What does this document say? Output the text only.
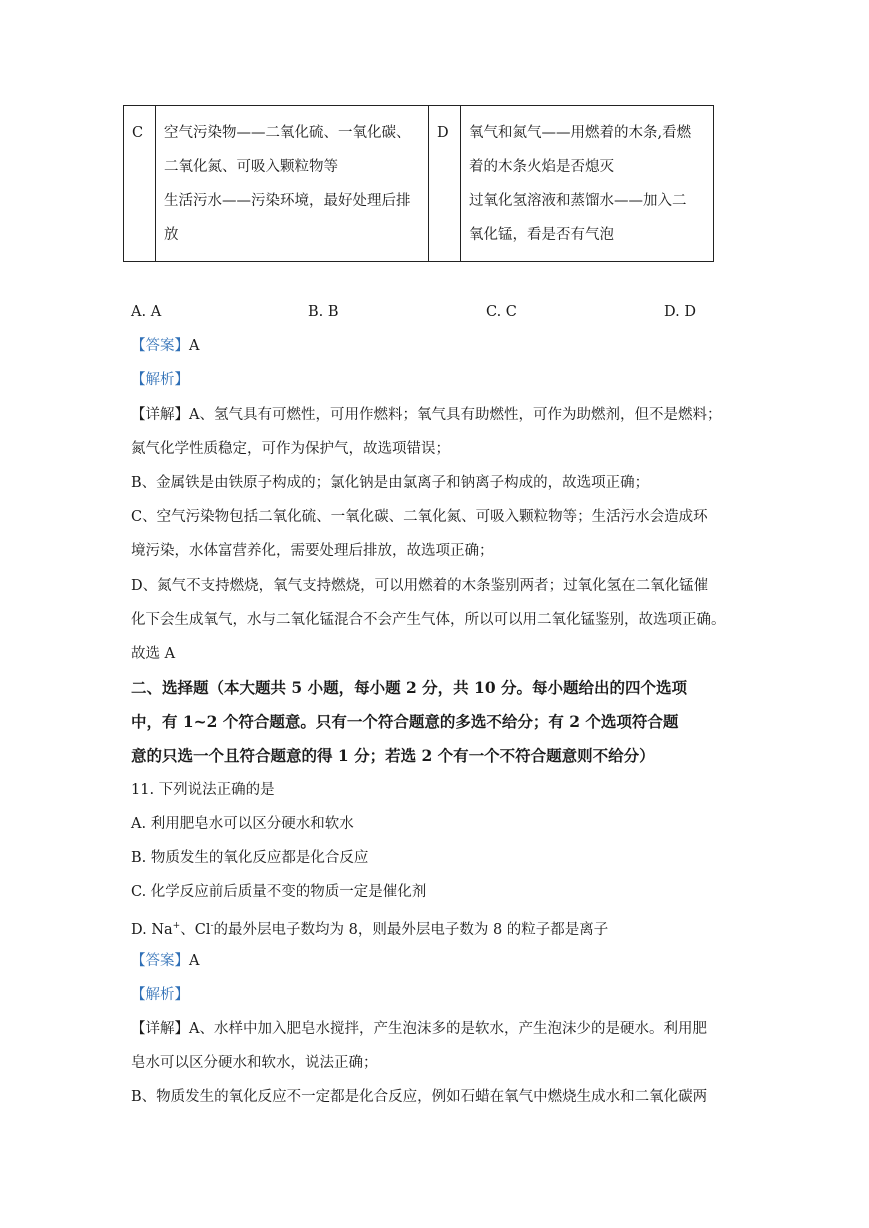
C	空气污染物——二氧化硫、一氧化碳、
二氧化氮、可吸入颗粒物等
生活污水——污染环境，最好处理后排
放
	D	氧气和氮气——用燃着的木条,看燃
着的木条火焰是否熄灭
过氧化氢溶液和蒸馏水——加入二
氧化锰，看是否有气泡
A. A	B. B	C. C	D. D
【答案】A
【解析】
【详解】A、氢气具有可燃性，可用作燃料；氧气具有助燃性，可作为助燃剂，但不是燃料；
氮气化学性质稳定，可作为保护气，故选项错误；
B、金属铁是由铁原子构成的；氯化钠是由氯离子和钠离子构成的，故选项正确；
C、空气污染物包括二氧化硫、一氧化碳、二氧化氮、可吸入颗粒物等；生活污水会造成环
境污染，水体富营养化，需要处理后排放，故选项正确；
D、氮气不支持燃烧，氧气支持燃烧，可以用燃着的木条鉴别两者；过氧化氢在二氧化锰催
化下会生成氧气，水与二氧化锰混合不会产生气体，所以可以用二氧化锰鉴别，故选项正确。
故选 A
二、选择题（本大题共 5 小题，每小题 2 分，共 10 分。每小题给出的四个选项
中，有 1~2 个符合题意。只有一个符合题意的多选不给分；有 2 个选项符合题
意的只选一个且符合题意的得 1 分；若选 2 个有一个不符合题意则不给分）
11. 下列说法正确的是
A. 利用肥皂水可以区分硬水和软水
B. 物质发生的氧化反应都是化合反应
C. 化学反应前后质量不变的物质一定是催化剂
D. Na+、Cl-的最外层电子数均为 8，则最外层电子数为 8 的粒子都是离子
【答案】A
【解析】
【详解】A、水样中加入肥皂水搅拌，产生泡沫多的是软水，产生泡沫少的是硬水。利用肥
皂水可以区分硬水和软水，说法正确；
B、物质发生的氧化反应不一定都是化合反应，例如石蜡在氧气中燃烧生成水和二氧化碳两
